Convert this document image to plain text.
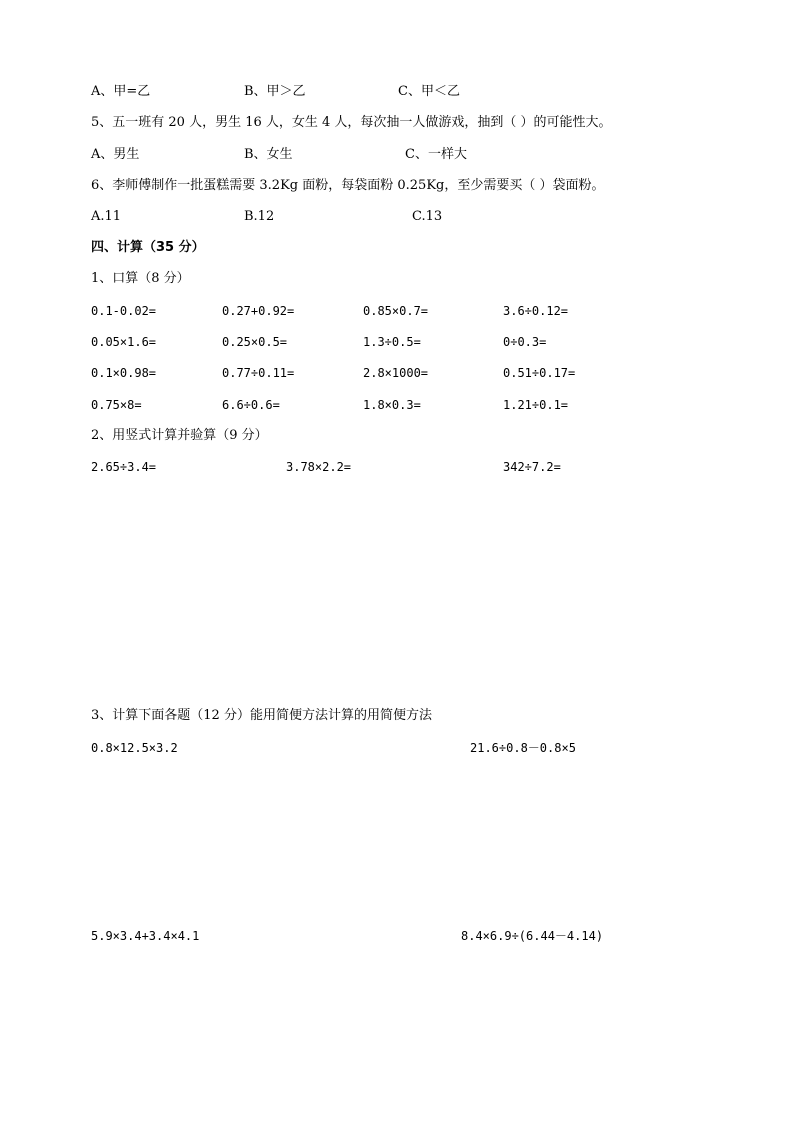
A、甲=乙	B、甲＞乙	C、甲＜乙
5、五一班有 20 人，男生 16 人，女生 4 人，每次抽一人做游戏，抽到（ ）的可能性大。
A、男生	B、女生	C、一样大
6、李师傅制作一批蛋糕需要 3.2Kg 面粉，每袋面粉 0.25Kg，至少需要买（ ）袋面粉。
A.11	B.12	C.13
四、计算（35 分）
1、口算（8 分）
0.1-0.02=	0.27+0.92=	0.85×0.7=	3.6÷0.12=
0.05×1.6=	0.25×0.5=	1.3÷0.5=	0÷0.3=
0.1×0.98=	0.77÷0.11=	2.8×1000=	0.51÷0.17=
0.75×8=	6.6÷0.6=	1.8×0.3=	1.21÷0.1=
2、用竖式计算并验算（9 分）
2.65÷3.4=	3.78×2.2=	342÷7.2=
3、计算下面各题（12 分）能用简便方法计算的用简便方法
0.8×12.5×3.2	21.6÷0.8－0.8×5
5.9×3.4+3.4×4.1	8.4×6.9÷(6.44－4.14)
